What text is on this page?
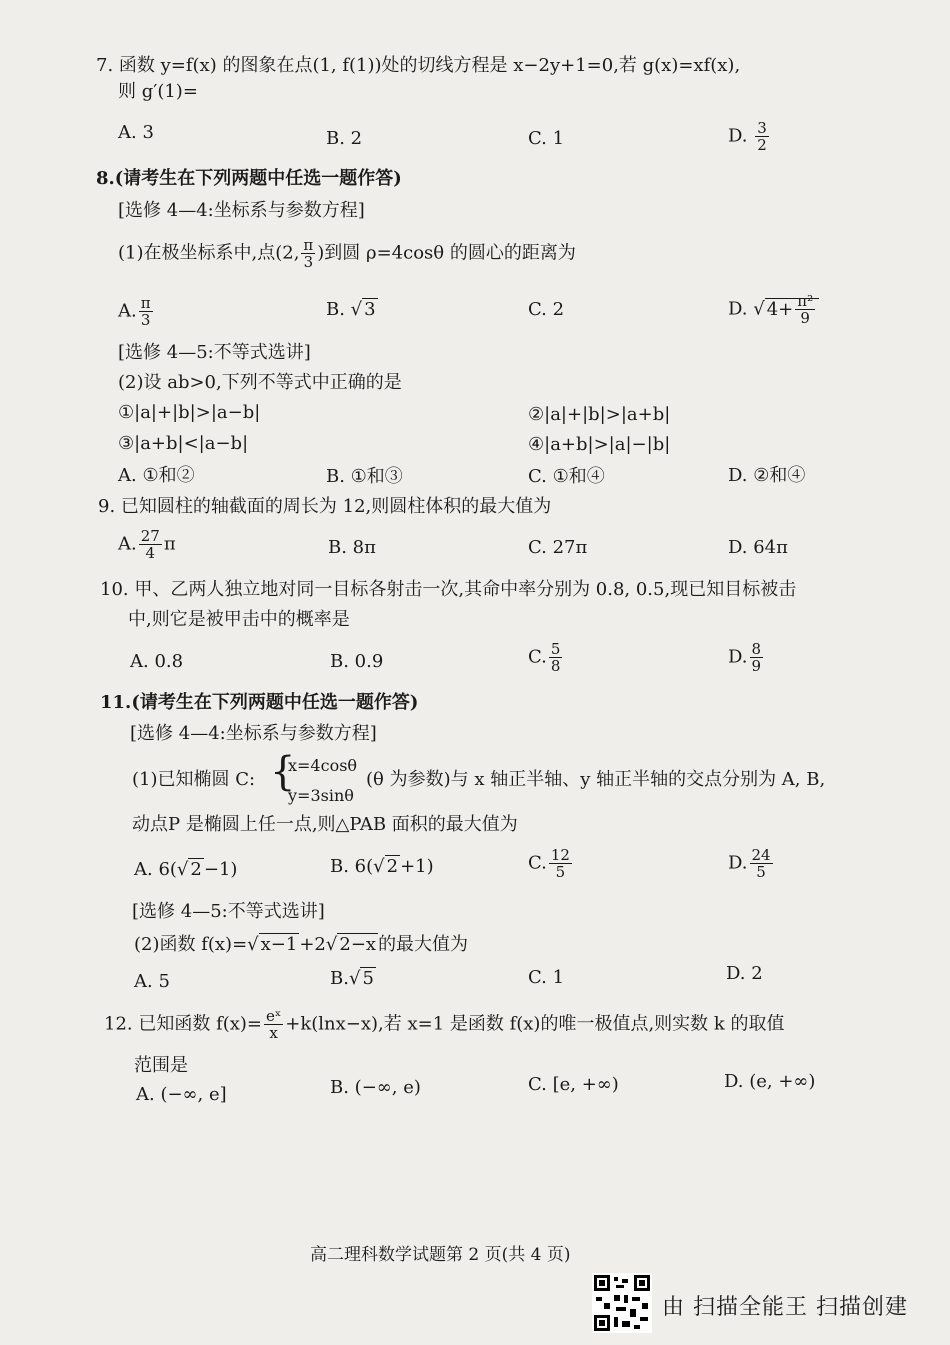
7. 函数 y=f(x) 的图象在点(1, f(1))处的切线方程是 x−2y+1=0,若 g(x)=xf(x),
则 g′(1)=
A. 3	B. 2	C. 1	D. $\frac{3}{2}$
8.(请考生在下列两题中任选一题作答)
[选修 4—4:坐标系与参数方程]
(1)在极坐标系中,点(2, $\frac{\pi}{3}$ )到圆 ρ=4cosθ 的圆心的距离为
A. $\frac{\pi}{3}$	B. √ 3	C. 2	D. √ $4+ \frac{\text{π²}}{9}$
[选修 4—5:不等式选讲]
(2)设 ab>0,下列不等式中正确的是
①|a|+|b|>|a−b|	②|a|+|b|>|a+b|
③|a+b|<|a−b|	④|a+b|>|a|−|b|
A. ①和②	B. ①和③	C. ①和④	D. ②和④
9. 已知圆柱的轴截面的周长为 12,则圆柱体积的最大值为
A. $\frac{27}{4}$ π	B. 8π	C. 27π	D. 64π
10. 甲、乙两人独立地对同一目标各射击一次,其命中率分别为 0.8, 0.5,现已知目标被击
中,则它是被甲击中的概率是
A. 0.8	B. 0.9	C. $\frac{5}{8}$	D. $\frac{8}{9}$
11.(请考生在下列两题中任选一题作答)
[选修 4—4:坐标系与参数方程]
(1)已知椭圆 C: {
x=4cosθ
y=3sinθ
(θ 为参数)与 x 轴正半轴、y 轴正半轴的交点分别为 A, B,
动点P 是椭圆上任一点,则△PAB 面积的最大值为
A. 6(√ 2 −1)	B. 6(√ 2 +1)	C. $\frac{12}{5}$	D. $\frac{24}{5}$
[选修 4—5:不等式选讲]
(2)函数 f(x)=√ x−1 +2√ 2−x 的最大值为
A. 5	B.√ 5	C. 1	D. 2
12. 已知函数 $f(x)= \frac{\text{eˣ}}{x} +k(\ln x-x)$,若 x=1 是函数 f(x)的唯一极值点,则实数 k 的取值
范围是
A. (−∞, e]	B. (−∞, e)	C. [e, +∞)	D. (e, +∞)
高二理科数学试题第 2 页(共 4 页)
由 扫描全能王 扫描创建
